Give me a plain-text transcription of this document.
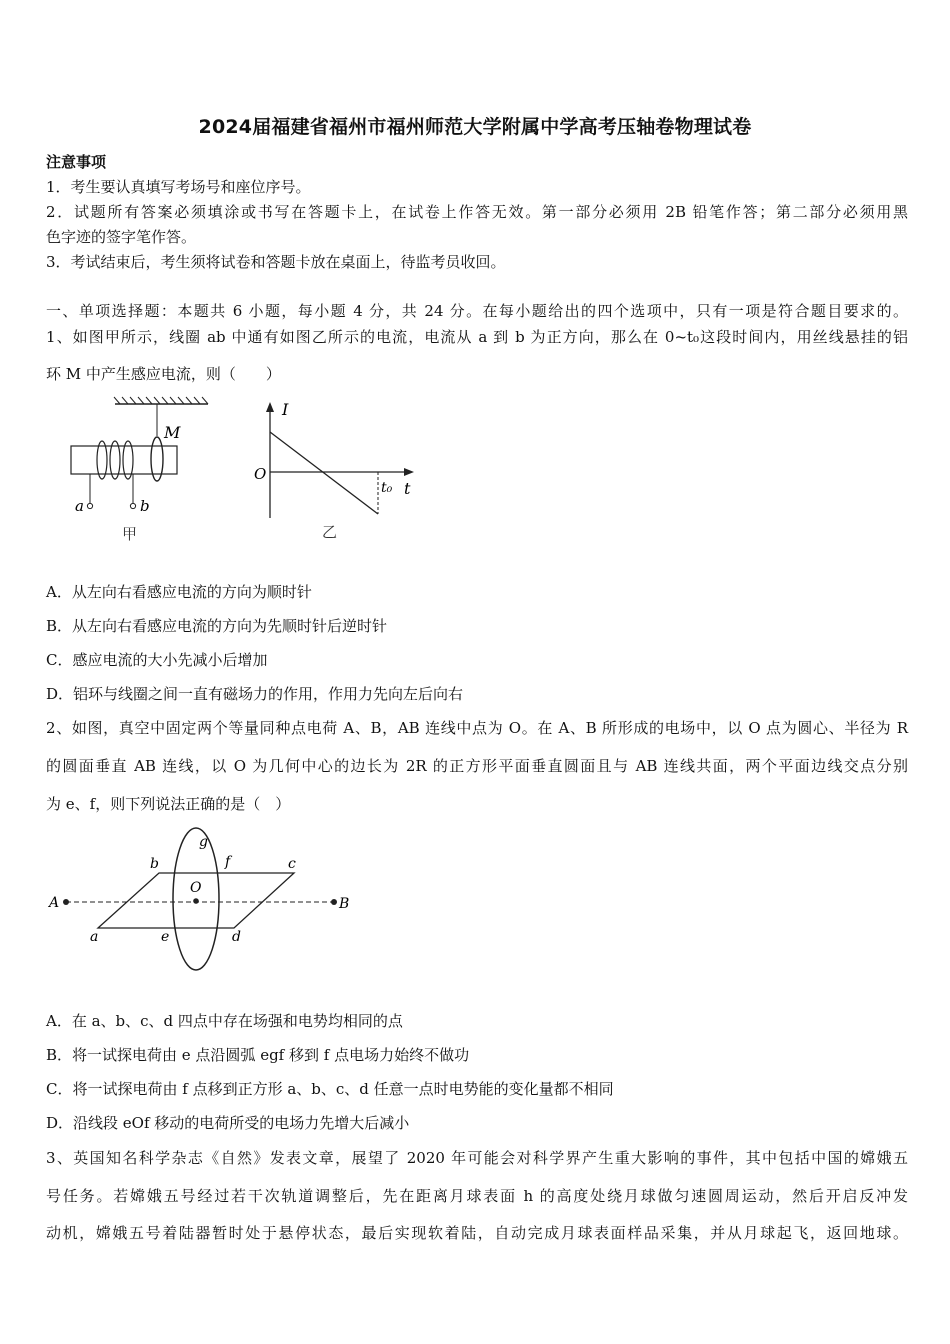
2024届福建省福州市福州师范大学附属中学高考压轴卷物理试卷
注意事项
1．考生要认真填写考场号和座位序号。
2．试题所有答案必须填涂或书写在答题卡上，在试卷上作答无效。第一部分必须用 2B 铅笔作答；第二部分必须用黑
色字迹的签字笔作答。
3．考试结束后，考生须将试卷和答题卡放在桌面上，待监考员收回。
一、单项选择题：本题共 6 小题，每小题 4 分，共 24 分。在每小题给出的四个选项中，只有一项是符合题目要求的。
1、如图甲所示，线圈 ab 中通有如图乙所示的电流，电流从 a 到 b 为正方向，那么在 0~t₀这段时间内，用丝线悬挂的铝
环 M 中产生感应电流，则（　　）
M
a	b
甲
I
O
t₀ t
乙
A．从左向右看感应电流的方向为顺时针
B．从左向右看感应电流的方向为先顺时针后逆时针
C．感应电流的大小先减小后增加
D．铝环与线圈之间一直有磁场力的作用，作用力先向左后向右
2、如图，真空中固定两个等量同种点电荷 A、B，AB 连线中点为 O。在 A、B 所形成的电场中，以 O 点为圆心、半径为 R
的圆面垂直 AB 连线，以 O 为几何中心的边长为 2R 的正方形平面垂直圆面且与 AB 连线共面，两个平面边线交点分别
为 e、f，则下列说法正确的是（　）
A	B
O
a
b	c
d
e
f
g
A．在 a、b、c、d 四点中存在场强和电势均相同的点
B．将一试探电荷由 e 点沿圆弧 egf 移到 f 点电场力始终不做功
C．将一试探电荷由 f 点移到正方形 a、b、c、d 任意一点时电势能的变化量都不相同
D．沿线段 eOf 移动的电荷所受的电场力先增大后减小
3、英国知名科学杂志《自然》发表文章，展望了 2020 年可能会对科学界产生重大影响的事件，其中包括中国的嫦娥五
号任务。若嫦娥五号经过若干次轨道调整后，先在距离月球表面 h 的高度处绕月球做匀速圆周运动，然后开启反冲发
动机，嫦娥五号着陆器暂时处于悬停状态，最后实现软着陆，自动完成月球表面样品采集，并从月球起飞，返回地球。
